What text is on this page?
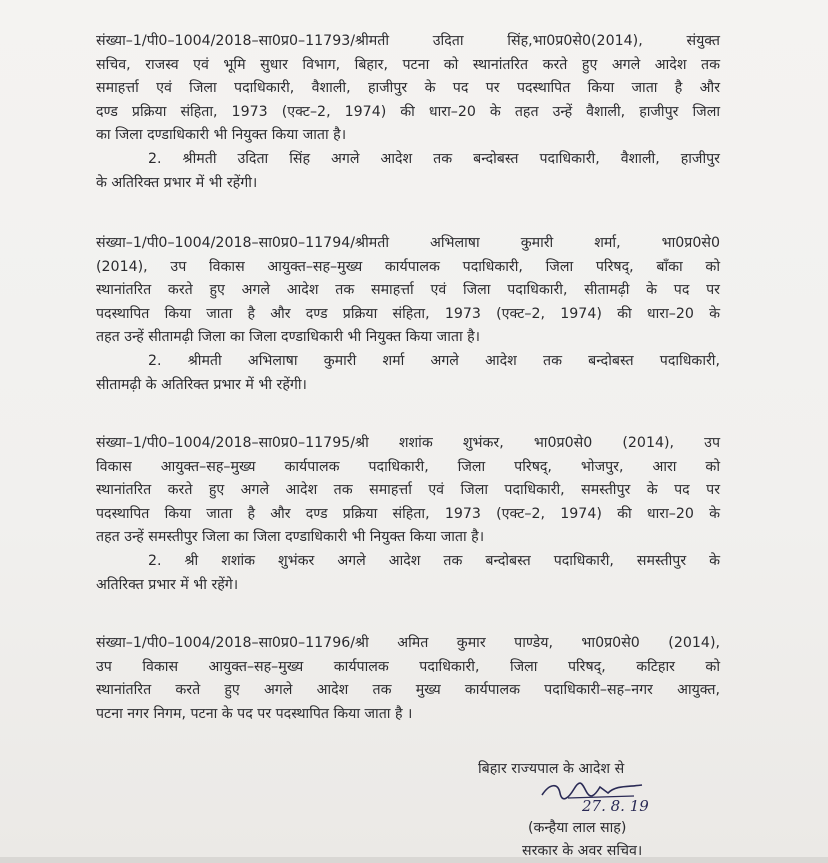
संख्या–1/पी0–1004/2018–सा0प्र0–11793/श्रीमती उदिता सिंह,भा0प्र0से0(2014), संयुक्त
सचिव, राजस्व एवं भूमि सुधार विभाग, बिहार, पटना को स्थानांतरित करते हुए अगले आदेश तक
समाहर्त्ता एवं जिला पदाधिकारी, वैशाली, हाजीपुर के पद पर पदस्थापित किया जाता है और
दण्ड प्रक्रिया संहिता, 1973 (एक्ट–2, 1974) की धारा–20 के तहत उन्हें वैशाली, हाजीपुर जिला
का जिला दण्डाधिकारी भी नियुक्त किया जाता है।
2. श्रीमती उदिता सिंह अगले आदेश तक बन्दोबस्त पदाधिकारी, वैशाली, हाजीपुर
के अतिरिक्त प्रभार में भी रहेंगी।
संख्या–1/पी0–1004/2018–सा0प्र0–11794/श्रीमती अभिलाषा कुमारी शर्मा, भा0प्र0से0
(2014), उप विकास आयुक्त–सह–मुख्य कार्यपालक पदाधिकारी, जिला परिषद्, बाँका को
स्थानांतरित करते हुए अगले आदेश तक समाहर्त्ता एवं जिला पदाधिकारी, सीतामढ़ी के पद पर
पदस्थापित किया जाता है और दण्ड प्रक्रिया संहिता, 1973 (एक्ट–2, 1974) की धारा–20 के
तहत उन्हें सीतामढ़ी जिला का जिला दण्डाधिकारी भी नियुक्त किया जाता है।
2. श्रीमती अभिलाषा कुमारी शर्मा अगले आदेश तक बन्दोबस्त पदाधिकारी,
सीतामढ़ी के अतिरिक्त प्रभार में भी रहेंगी।
संख्या–1/पी0–1004/2018–सा0प्र0–11795/श्री शशांक शुभंकर, भा0प्र0से0 (2014), उप
विकास आयुक्त–सह–मुख्य कार्यपालक पदाधिकारी, जिला परिषद्, भोजपुर, आरा को
स्थानांतरित करते हुए अगले आदेश तक समाहर्त्ता एवं जिला पदाधिकारी, समस्तीपुर के पद पर
पदस्थापित किया जाता है और दण्ड प्रक्रिया संहिता, 1973 (एक्ट–2, 1974) की धारा–20 के
तहत उन्हें समस्तीपुर जिला का जिला दण्डाधिकारी भी नियुक्त किया जाता है।
2. श्री शशांक शुभंकर अगले आदेश तक बन्दोबस्त पदाधिकारी, समस्तीपुर के
अतिरिक्त प्रभार में भी रहेंगे।
संख्या–1/पी0–1004/2018–सा0प्र0–11796/श्री अमित कुमार पाण्डेय, भा0प्र0से0 (2014),
उप विकास आयुक्त–सह–मुख्य कार्यपालक पदाधिकारी, जिला परिषद्, कटिहार को
स्थानांतरित करते हुए अगले आदेश तक मुख्य कार्यपालक पदाधिकारी–सह–नगर आयुक्त,
पटना नगर निगम, पटना के पद पर पदस्थापित किया जाता है ।
बिहार राज्यपाल के आदेश से
27. 8. 19
(कन्हैया लाल साह)
सरकार के अवर सचिव।
